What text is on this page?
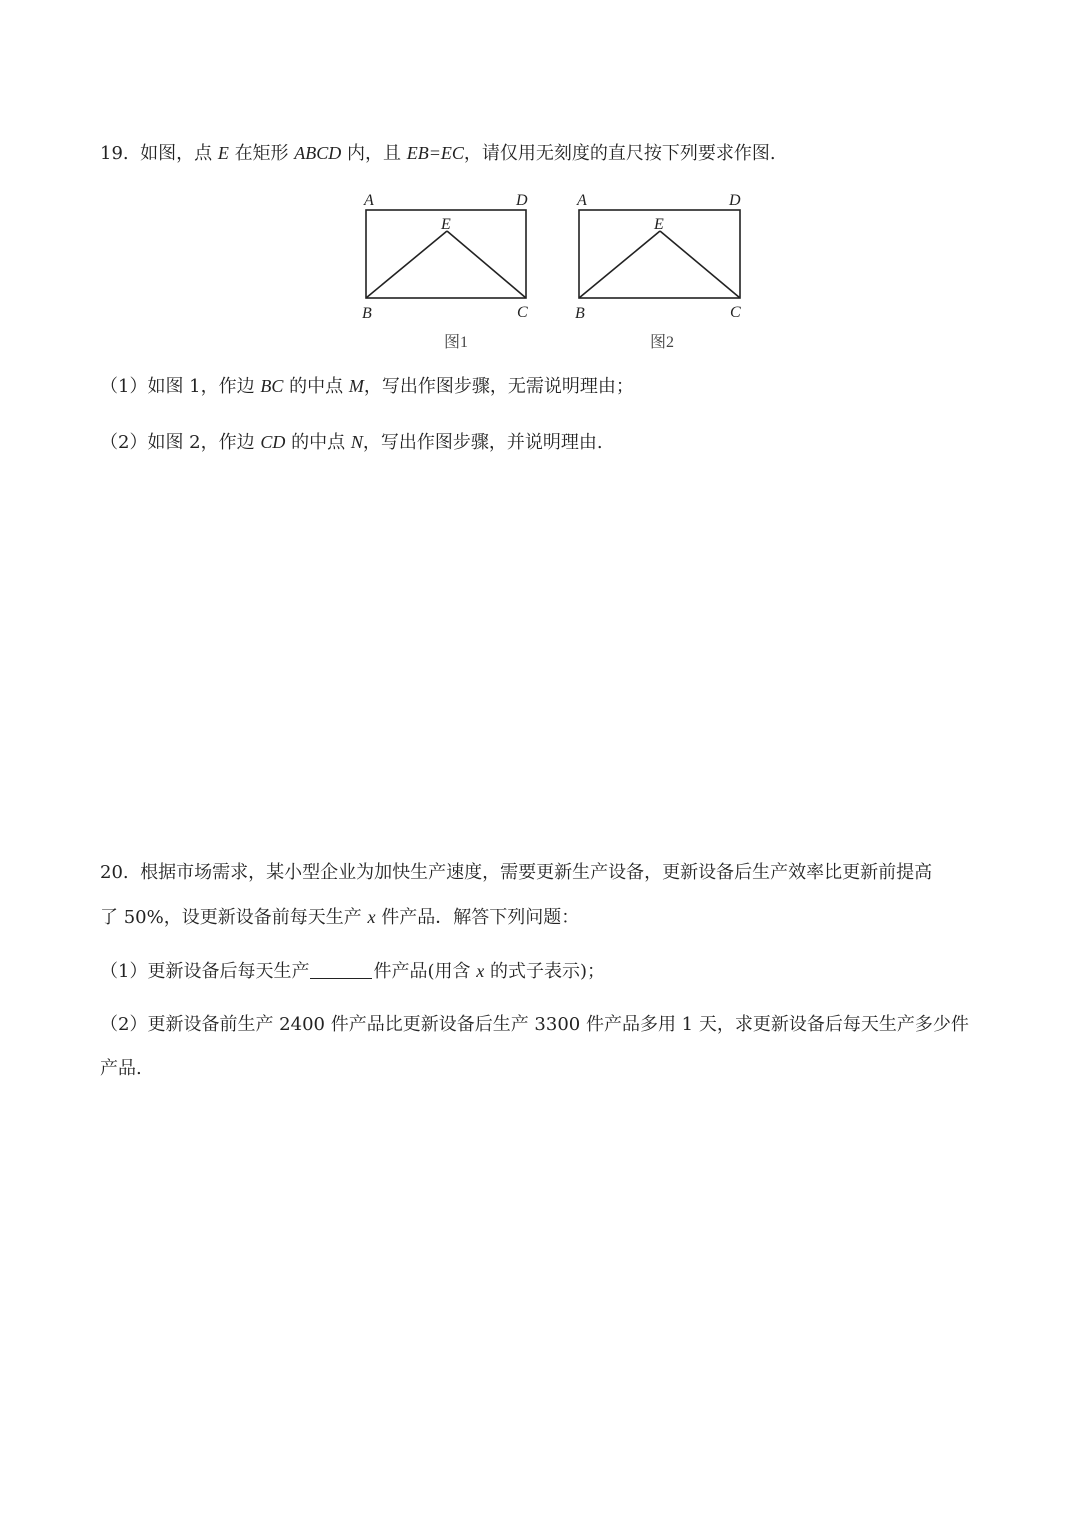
19. 如图，点 E 在矩形 ABCD 内，且 EB=EC，请仅用无刻度的直尺按下列要求作图.
A	D
E
B	C
图1
A	D
E
B	C
图2
（1）如图 1，作边 BC 的中点 M，写出作图步骤，无需说明理由；
（2）如图 2，作边 CD 的中点 N，写出作图步骤，并说明理由.
20. 根据市场需求，某小型企业为加快生产速度，需要更新生产设备，更新设备后生产效率比更新前提高
了 50%，设更新设备前每天生产 x 件产品．解答下列问题：
（1）更新设备后每天生产	件产品(用含 x 的式子表示)；
（2）更新设备前生产 2400 件产品比更新设备后生产 3300 件产品多用 1 天，求更新设备后每天生产多少件
产品.
